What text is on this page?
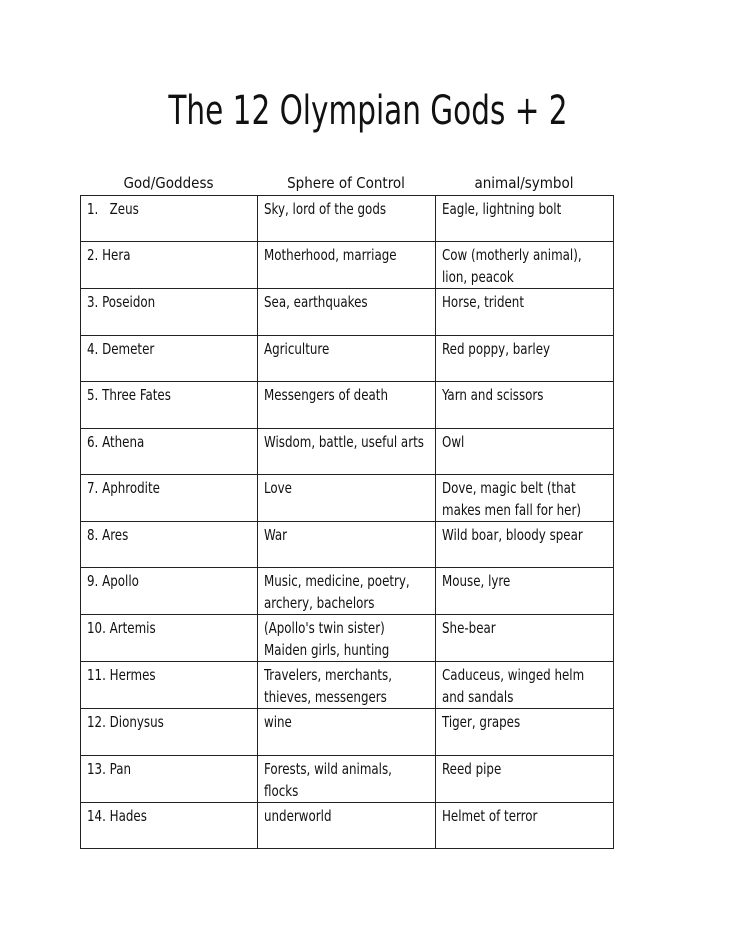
The 12 Olympian Gods + 2
God/Goddess	Sphere of Control	animal/symbol
1.   Zeus	Sky, lord of the gods	Eagle, lightning bolt
2. Hera	Motherhood, marriage	Cow (motherly animal), lion, peacok
3. Poseidon	Sea, earthquakes	Horse, trident
4. Demeter	Agriculture	Red poppy, barley
5. Three Fates	Messengers of death	Yarn and scissors
6. Athena	Wisdom, battle, useful arts	Owl
7. Aphrodite	Love	Dove, magic belt (that makes men fall for her)
8. Ares	War	Wild boar, bloody spear
9. Apollo	Music, medicine, poetry, archery, bachelors	Mouse, lyre
10. Artemis	(Apollo's twin sister) Maiden girls, hunting	She-bear
11. Hermes	Travelers, merchants, thieves, messengers	Caduceus, winged helm and sandals
12. Dionysus	wine	Tiger, grapes
13. Pan	Forests, wild animals, flocks	Reed pipe
14. Hades	underworld	Helmet of terror
